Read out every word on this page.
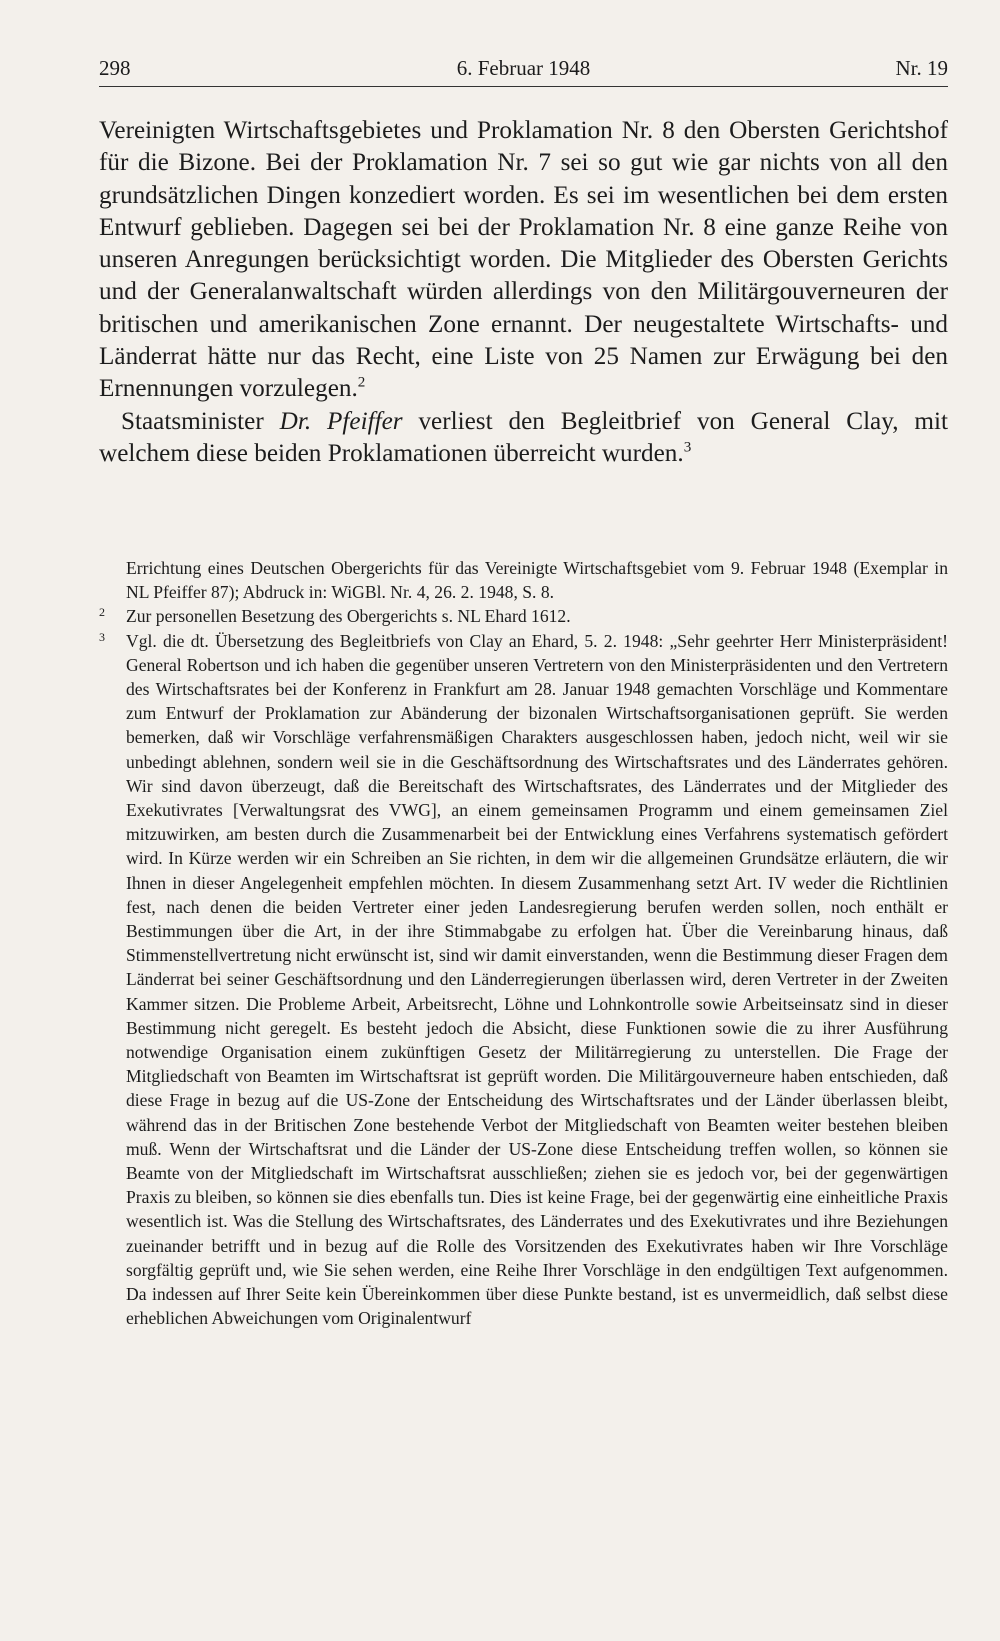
298	6. Februar 1948	Nr. 19

Vereinigten Wirtschaftsgebietes und Proklamation Nr. 8 den Obersten Gerichtshof für die Bizone. Bei der Proklamation Nr. 7 sei so gut wie gar nichts von all den grundsätzlichen Dingen konzediert worden. Es sei im wesentlichen bei dem ersten Entwurf geblieben. Dagegen sei bei der Proklamation Nr. 8 eine ganze Reihe von unseren Anregungen berücksichtigt worden. Die Mitglieder des Obersten Gerichts und der Generalanwaltschaft würden allerdings von den Militärgouverneuren der britischen und amerikanischen Zone ernannt. Der neugestaltete Wirtschafts- und Länderrat hätte nur das Recht, eine Liste von 25 Namen zur Erwägung bei den Ernennungen vorzulegen.$^2$

Staatsminister Dr. Pfeiffer verliest den Begleitbrief von General Clay, mit welchem diese beiden Proklamationen überreicht wurden.$^3$

Errichtung eines Deutschen Obergerichts für das Vereinigte Wirtschaftsgebiet vom 9. Februar 1948 (Exemplar in NL Pfeiffer 87); Abdruck in: WiGBl. Nr. 4, 26. 2. 1948, S. 8.

2 Zur personellen Besetzung des Obergerichts s. NL Ehard 1612.

3 Vgl. die dt. Übersetzung des Begleitbriefs von Clay an Ehard, 5. 2. 1948: „Sehr geehrter Herr Ministerpräsident! General Robertson und ich haben die gegenüber unseren Vertretern von den Ministerpräsidenten und den Vertretern des Wirtschaftsrates bei der Konferenz in Frankfurt am 28. Januar 1948 gemachten Vorschläge und Kommentare zum Entwurf der Proklamation zur Abänderung der bizonalen Wirtschaftsorganisationen geprüft. Sie werden bemerken, daß wir Vorschläge verfahrensmäßigen Charakters ausgeschlossen haben, jedoch nicht, weil wir sie unbedingt ablehnen, sondern weil sie in die Geschäftsordnung des Wirtschaftsrates und des Länderrates gehören. Wir sind davon überzeugt, daß die Bereitschaft des Wirtschaftsrates, des Länderrates und der Mitglieder des Exekutivrates [Verwaltungsrat des VWG], an einem gemeinsamen Programm und einem gemeinsamen Ziel mitzuwirken, am besten durch die Zusammenarbeit bei der Entwicklung eines Verfahrens systematisch gefördert wird. In Kürze werden wir ein Schreiben an Sie richten, in dem wir die allgemeinen Grundsätze erläutern, die wir Ihnen in dieser Angelegenheit empfehlen möchten. In diesem Zusammenhang setzt Art. IV weder die Richtlinien fest, nach denen die beiden Vertreter einer jeden Landesregierung berufen werden sollen, noch enthält er Bestimmungen über die Art, in der ihre Stimmabgabe zu erfolgen hat. Über die Vereinbarung hinaus, daß Stimmenstellvertretung nicht erwünscht ist, sind wir damit einverstanden, wenn die Bestimmung dieser Fragen dem Länderrat bei seiner Geschäftsordnung und den Länderregierungen überlassen wird, deren Vertreter in der Zweiten Kammer sitzen. Die Probleme Arbeit, Arbeitsrecht, Löhne und Lohnkontrolle sowie Arbeitseinsatz sind in dieser Bestimmung nicht geregelt. Es besteht jedoch die Absicht, diese Funktionen sowie die zu ihrer Ausführung notwendige Organisation einem zukünftigen Gesetz der Militärregierung zu unterstellen. Die Frage der Mitgliedschaft von Beamten im Wirtschaftsrat ist geprüft worden. Die Militärgouverneure haben entschieden, daß diese Frage in bezug auf die US-Zone der Entscheidung des Wirtschaftsrates und der Länder überlassen bleibt, während das in der Britischen Zone bestehende Verbot der Mitgliedschaft von Beamten weiter bestehen bleiben muß. Wenn der Wirtschaftsrat und die Länder der US-Zone diese Entscheidung treffen wollen, so können sie Beamte von der Mitgliedschaft im Wirtschaftsrat ausschließen; ziehen sie es jedoch vor, bei der gegenwärtigen Praxis zu bleiben, so können sie dies ebenfalls tun. Dies ist keine Frage, bei der gegenwärtig eine einheitliche Praxis wesentlich ist. Was die Stellung des Wirtschaftsrates, des Länderrates und des Exekutivrates und ihre Beziehungen zueinander betrifft und in bezug auf die Rolle des Vorsitzenden des Exekutivrates haben wir Ihre Vorschläge sorgfältig geprüft und, wie Sie sehen werden, eine Reihe Ihrer Vorschläge in den endgültigen Text aufgenommen. Da indessen auf Ihrer Seite kein Übereinkommen über diese Punkte bestand, ist es unvermeidlich, daß selbst diese erheblichen Abweichungen vom Originalentwurf
